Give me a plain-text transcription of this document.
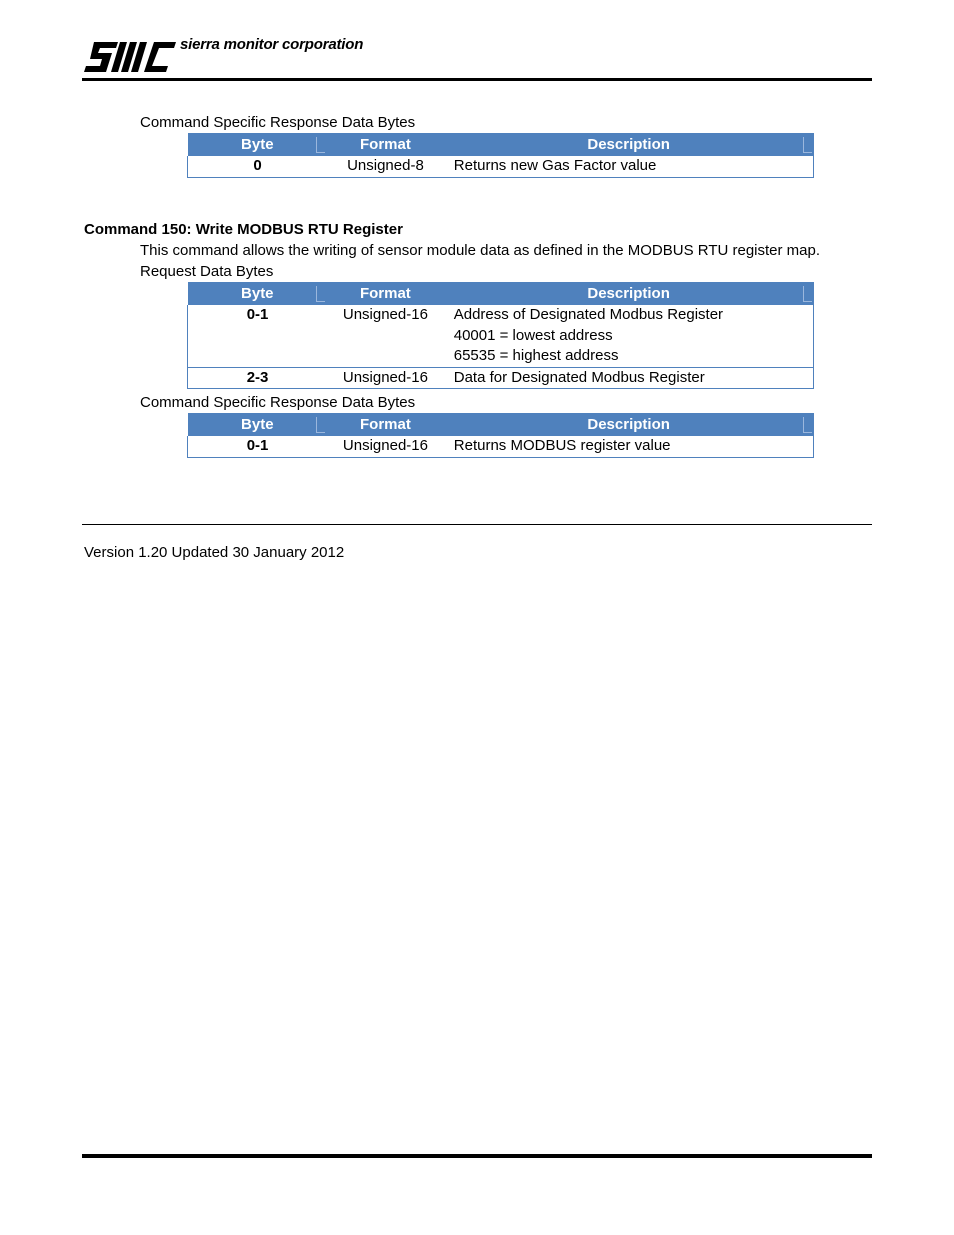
sierra monitor corporation
Command Specific Response Data Bytes
Byte	Format	Description
0	Unsigned-8	Returns new Gas Factor value
Command 150: Write MODBUS RTU Register
This command allows the writing of sensor module data as defined in the MODBUS RTU register map.
Request Data Bytes
Byte	Format	Description
0-1	Unsigned-16	Address of Designated Modbus Register
40001 = lowest address
65535 = highest address

2-3	Unsigned-16	Data for Designated Modbus Register
Command Specific Response Data Bytes
Byte	Format	Description
0-1	Unsigned-16	Returns MODBUS register value
Version 1.20 Updated 30 January 2012
